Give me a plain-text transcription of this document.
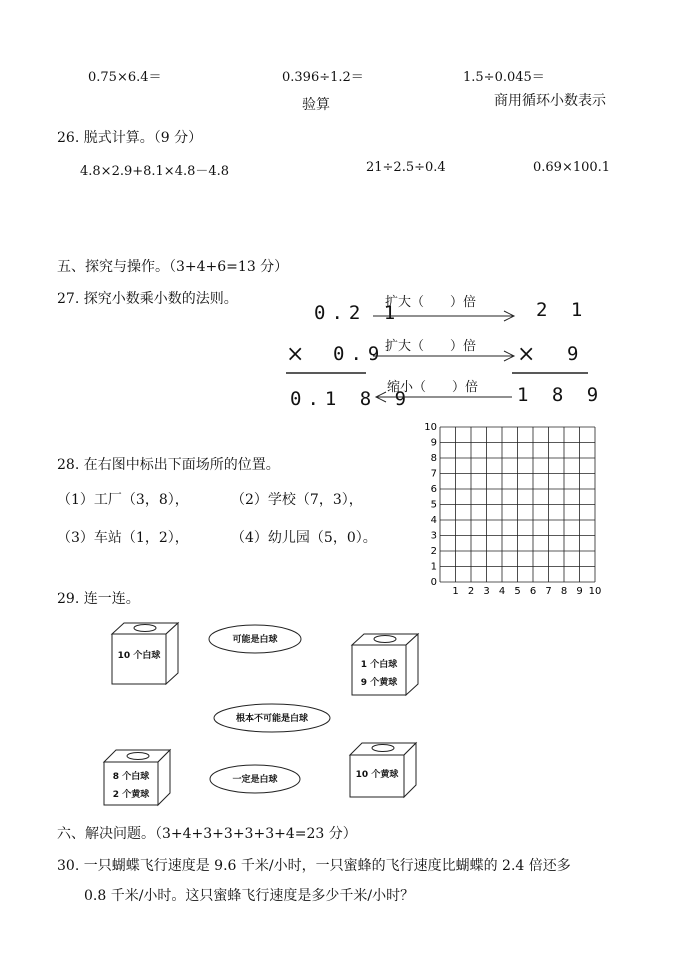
0.75×6.4＝	0.396÷1.2＝	1.5÷0.045＝
验算	商用循环小数表示
26. 脱式计算。（9 分）
4.8×2.9+8.1×4.8－4.8	21÷2.5÷0.4	0.69×100.1
五、探究与操作。（3+4+6=13 分）
27. 探究小数乘小数的法则。
0.2 1
× 0.9
0.1 8 9
2 1
× 9
1 8 9
扩大（　　）倍
扩大（　　）倍
缩小（　　）倍
28. 在右图中标出下面场所的位置。
（1）工厂（3，8），	（2）学校（7，3），
（3）车站（1，2），	（4）幼儿园（5，0）。
1 2 3 4 5 6 7 8 9 10
0
1
2
3
4
5
6
7
8
9
10
29. 连一连。
10 个白球
1 个白球
9 个黄球
8 个白球
2 个黄球
10 个黄球
可能是白球
根本不可能是白球
一定是白球
六、解决问题。（3+4+3+3+3+3+4=23 分）
30. 一只蝴蝶飞行速度是 9.6 千米/小时，一只蜜蜂的飞行速度比蝴蝶的 2.4 倍还多
0.8 千米/小时。这只蜜蜂飞行速度是多少千米/小时？
